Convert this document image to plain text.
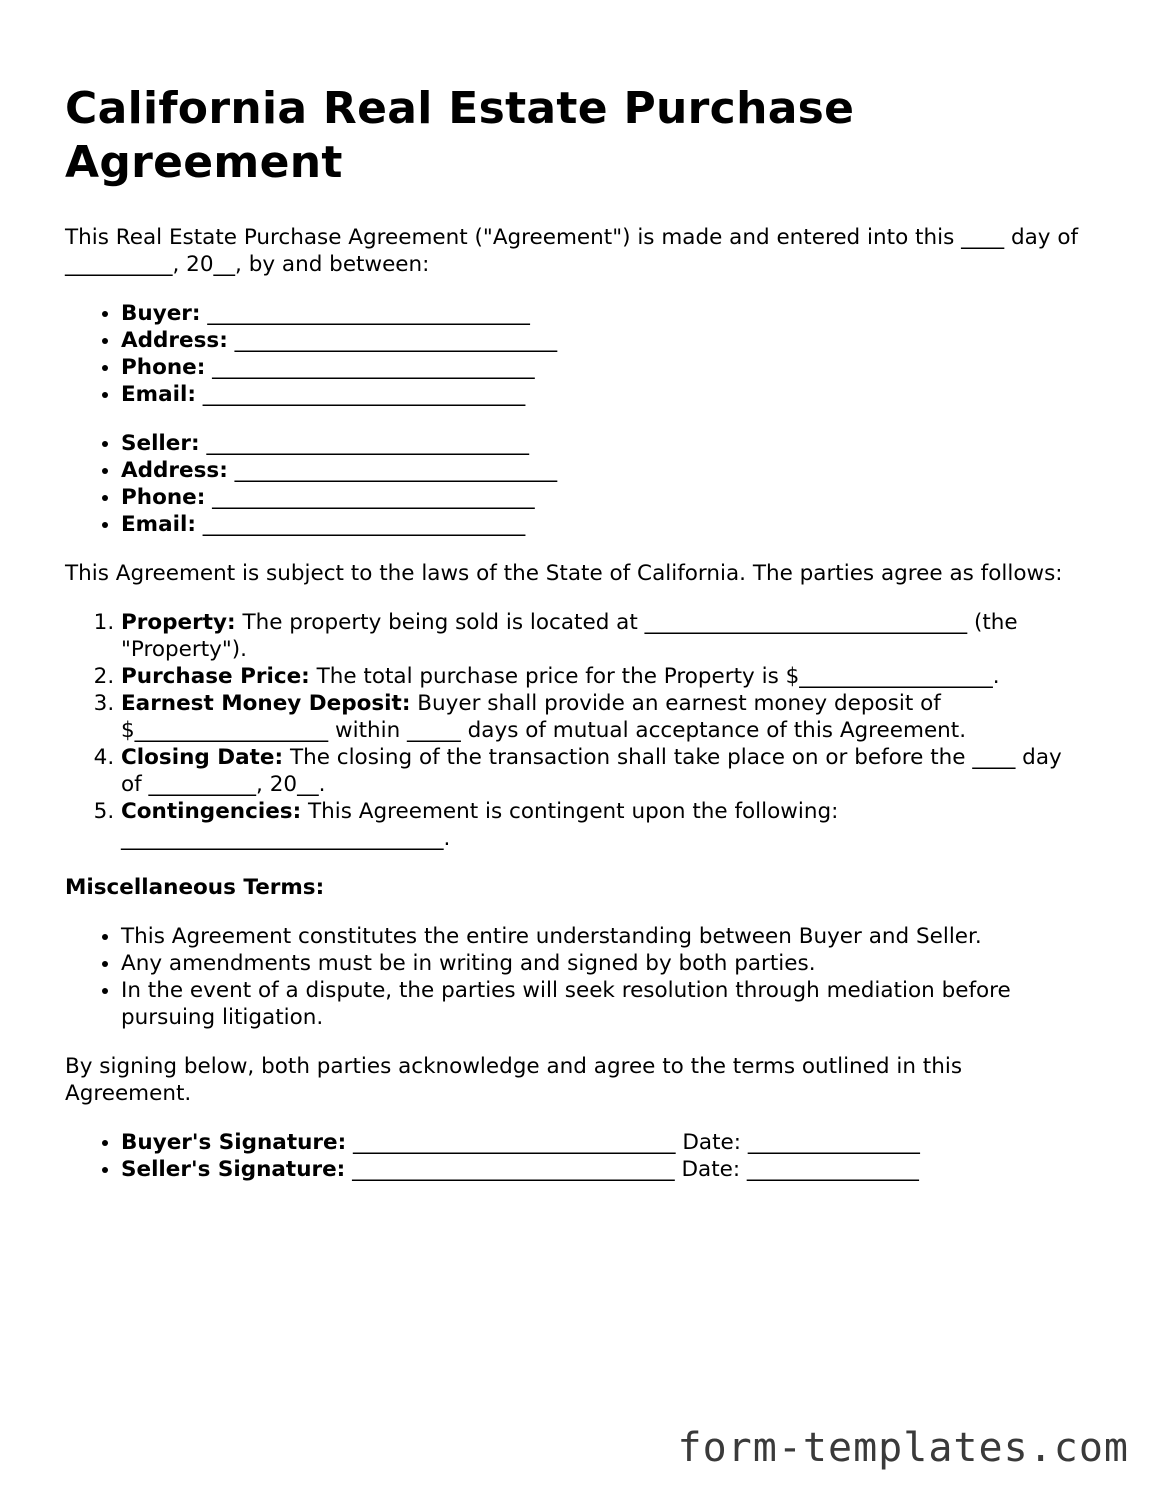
California Real Estate Purchase Agreement

This Real Estate Purchase Agreement ("Agreement") is made and entered into this ____ day of __________, 20__, by and between:

• Buyer: ______________________________
• Address: ______________________________
• Phone: ______________________________
• Email: ______________________________
• Seller: ______________________________
• Address: ______________________________
• Phone: ______________________________
• Email: ______________________________

This Agreement is subject to the laws of the State of California. The parties agree as follows:

1. Property: The property being sold is located at ______________________________ (the "Property").
2. Purchase Price: The total purchase price for the Property is $__________________.
3. Earnest Money Deposit: Buyer shall provide an earnest money deposit of $__________________ within _____ days of mutual acceptance of this Agreement.
4. Closing Date: The closing of the transaction shall take place on or before the ____ day of __________, 20__.
5. Contingencies: This Agreement is contingent upon the following: ______________________________.
Miscellaneous Terms:
• This Agreement constitutes the entire understanding between Buyer and Seller.
• Any amendments must be in writing and signed by both parties.
• In the event of a dispute, the parties will seek resolution through mediation before pursuing litigation.

By signing below, both parties acknowledge and agree to the terms outlined in this Agreement.

• Buyer's Signature: ______________________________ Date: ________________
• Seller's Signature: ______________________________ Date: ________________
form-templates.com
